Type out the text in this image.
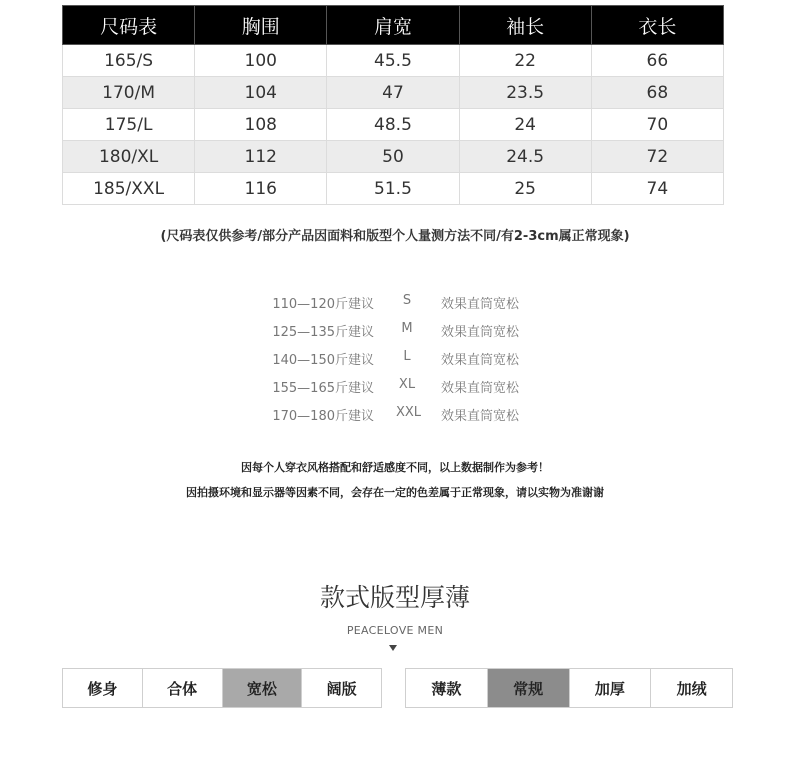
尺码表	胸围	肩宽	袖长	衣长
165/S	100	45.5	22	66
170/M	104	47	23.5	68
175/L	108	48.5	24	70
180/XL	112	50	24.5	72
185/XXL	116	51.5	25	74
(尺码表仅供参考/部分产品因面料和版型个人量测方法不同/有2-3cm属正常现象)
110—120斤建议	S	效果直筒宽松
125—135斤建议	M	效果直筒宽松
140—150斤建议	L	效果直筒宽松
155—165斤建议 XL 效果直筒宽松
170—180斤建议 XXL 效果直筒宽松
因每个人穿衣风格搭配和舒适感度不同，以上数据制作为参考！
因拍摄环境和显示器等因素不同，会存在一定的色差属于正常现象，请以实物为准谢谢
款式版型厚薄
PEACELOVE MEN
修身	合体	宽松	阔版	薄款	常规	加厚	加绒
